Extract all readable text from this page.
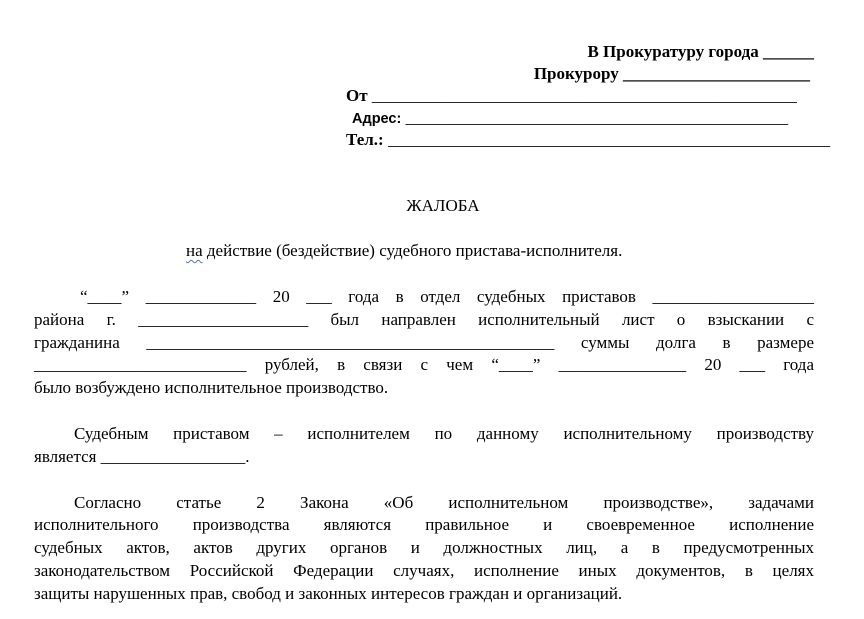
В Прокуратуру города ______
Прокурору ______________________
От __________________________________________________
Адрес: _____________________________________________
Тел.: ____________________________________________________
ЖАЛОБА
на действие (бездействие) судебного пристава-исполнителя.
“____” _____________ 20 ___ года в отдел судебных приставов ___________________
района г. ____________________ был направлен исполнительный лист о взыскании с
гражданина ________________________________________________ суммы долга в размере
_________________________ рублей, в связи с чем “____” _______________ 20 ___ года
было возбуждено исполнительное производство.
Судебным приставом – исполнителем по данному исполнительному производству
является _________________.
Согласно статье 2 Закона «Об исполнительном производстве», задачами
исполнительного производства являются правильное и своевременное исполнение
судебных актов, актов других органов и должностных лиц, а в предусмотренных
законодательством Российской Федерации случаях, исполнение иных документов, в целях
защиты нарушенных прав, свобод и законных интересов граждан и организаций.
